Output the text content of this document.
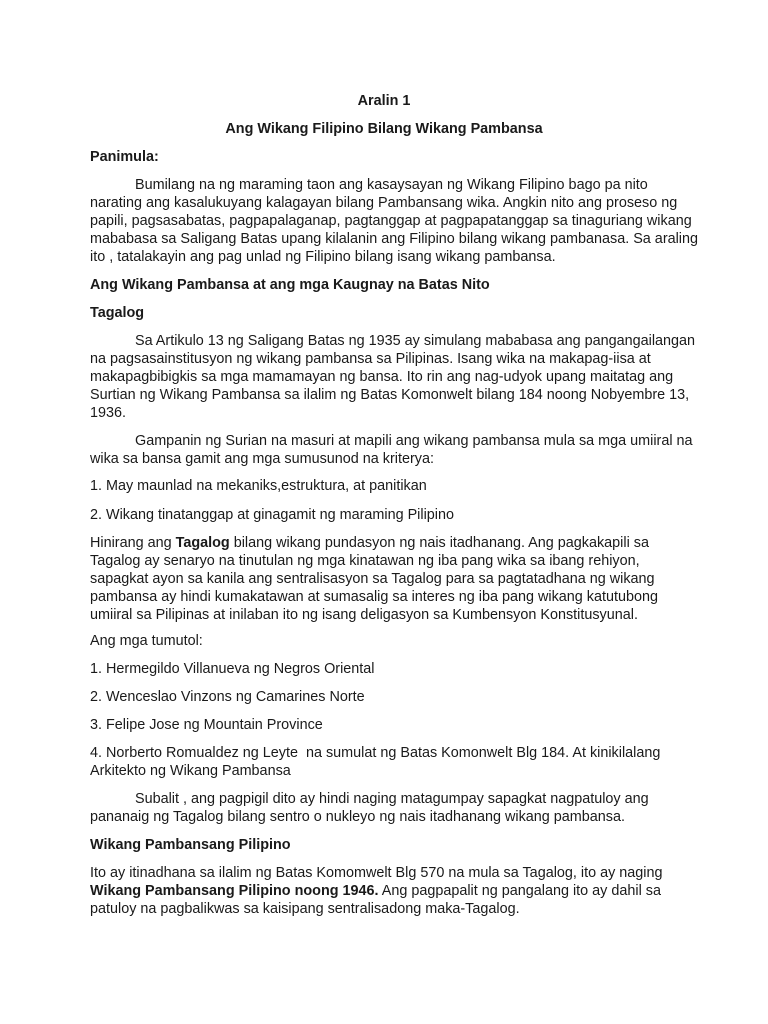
Aralin 1
Ang Wikang Filipino Bilang Wikang Pambansa
Panimula:
Bumilang na ng maraming taon ang kasaysayan ng Wikang Filipino bago pa nito
narating ang kasalukuyang kalagayan bilang Pambansang wika. Angkin nito ang proseso ng
papili, pagsasabatas, pagpapalaganap, pagtanggap at pagpapatanggap sa tinaguriang wikang
mababasa sa Saligang Batas upang kilalanin ang Filipino bilang wikang pambanasa. Sa araling
ito , tatalakayin ang pag unlad ng Filipino bilang isang wikang pambansa.
Ang Wikang Pambansa at ang mga Kaugnay na Batas Nito
Tagalog
Sa Artikulo 13 ng Saligang Batas ng 1935 ay simulang mababasa ang pangangailangan
na pagsasainstitusyon ng wikang pambansa sa Pilipinas. Isang wika na makapag-iisa at
makapagbibigkis sa mga mamamayan ng bansa. Ito rin ang nag-udyok upang maitatag ang
Surtian ng Wikang Pambansa sa ilalim ng Batas Komonwelt bilang 184 noong Nobyembre 13,
1936.
Gampanin ng Surian na masuri at mapili ang wikang pambansa mula sa mga umiiral na
wika sa bansa gamit ang mga sumusunod na kriterya:
1. May maunlad na mekaniks,estruktura, at panitikan
2. Wikang tinatanggap at ginagamit ng maraming Pilipino
Hinirang ang Tagalog bilang wikang pundasyon ng nais itadhanang. Ang pagkakapili sa
Tagalog ay senaryo na tinutulan ng mga kinatawan ng iba pang wika sa ibang rehiyon,
sapagkat ayon sa kanila ang sentralisasyon sa Tagalog para sa pagtatadhana ng wikang
pambansa ay hindi kumakatawan at sumasalig sa interes ng iba pang wikang katutubong
umiiral sa Pilipinas at inilaban ito ng isang deligasyon sa Kumbensyon Konstitusyunal.
Ang mga tumutol:
1. Hermegildo Villanueva ng Negros Oriental
2. Wenceslao Vinzons ng Camarines Norte
3. Felipe Jose ng Mountain Province
4. Norberto Romualdez ng Leyte  na sumulat ng Batas Komonwelt Blg 184. At kinikilalang
Arkitekto ng Wikang Pambansa
Subalit , ang pagpigil dito ay hindi naging matagumpay sapagkat nagpatuloy ang
pananaig ng Tagalog bilang sentro o nukleyo ng nais itadhanang wikang pambansa.
Wikang Pambansang Pilipino
Ito ay itinadhana sa ilalim ng Batas Komomwelt Blg 570 na mula sa Tagalog, ito ay naging
Wikang Pambansang Pilipino noong 1946. Ang pagpapalit ng pangalang ito ay dahil sa
patuloy na pagbalikwas sa kaisipang sentralisadong maka-Tagalog.
